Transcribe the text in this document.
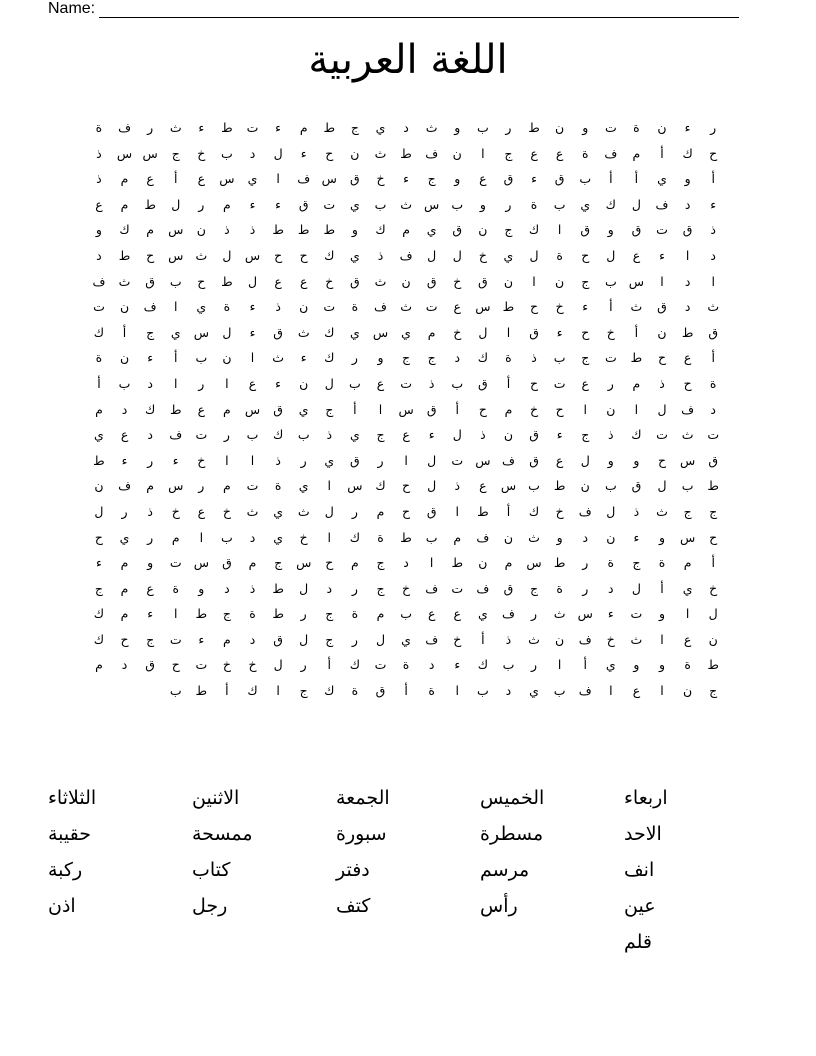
Name:
اللغة العربية
ر
ء
ن
ة
ت
و
ن
ط
ر
ب
و
ث
د
ي
ج
ط
م
ء
ت
ط
ء
ث
ر
ف
ة
ح
ك
أ
م
ف
ة
ع
ع
ج
ا
ن
ف
ط
ث
ن
ح
ء
ل
د
ب
خ
ج
س
س
ذ
أ
و
ي
أ
أ
ب
ق
ء
ق
ع
و
ج
ء
خ
ق
س
ف
ا
ي
س
ع
أ
ع
م
ذ
ء
د
ف
ل
ك
ي
ب
ة
ر
و
ب
س
ث
ب
ي
ت
ق
ء
ء
م
ر
ل
ط
م
ع
ذ
ق
ت
ق
و
ق
ا
ك
ج
ن
ق
ي
م
ك
و
ط
ط
ط
ذ
ذ
ن
س
م
ك
و
د
ا
ء
ع
ل
ح
ة
ل
ي
خ
ل
ل
ف
ذ
ي
ك
ح
ح
س
ل
ث
س
ح
ط
د
ا
د
ا
س
ب
ج
ن
ا
ن
ق
خ
ق
ن
ث
ق
خ
ع
ع
ل
ط
ح
ب
ق
ث
ف
ث
د
ق
ث
أ
ء
خ
ح
ط
س
ع
ت
ث
ف
ة
ت
ن
ذ
ء
ة
ي
ا
ف
ن
ت
ق
ط
ن
أ
خ
ح
ء
ق
ا
ل
خ
م
ي
س
ي
ك
ث
ق
ء
ل
س
ي
ج
أ
ك
أ
ع
ح
ط
ت
ج
ب
ذ
ة
ك
د
ج
ج
و
ر
ك
ء
ث
ا
ن
ب
أ
ء
ن
ة
ة
ح
ذ
م
ر
ع
ت
ح
أ
ق
ب
ذ
ت
ع
ب
ل
ن
ء
ع
ا
ر
ا
د
ب
أ
د
ف
ل
ا
ن
ا
ح
خ
م
ح
أ
ق
س
ا
أ
ج
ي
ق
س
م
ع
ط
ك
د
م
ت
ث
ت
ك
ذ
ج
ء
ق
ن
ذ
ل
ء
ع
ج
ي
ذ
ب
ك
ب
ر
ت
ف
د
ع
ي
ق
س
ح
و
و
ل
ع
ق
ف
س
ت
ل
ا
ر
ق
ي
ر
ذ
ا
ا
خ
ء
ر
ء
ط
ط
ب
ل
ق
ب
ن
ط
ب
س
ع
ذ
ل
ح
ك
س
ا
ي
ة
ت
م
ر
س
م
ف
ن
ج
ج
ث
ذ
ل
ف
خ
ك
أ
ط
ا
ق
ح
م
ر
ل
ث
ي
ث
خ
ع
خ
ذ
ر
ل
ح
س
و
ء
ن
د
و
ث
ن
ف
م
ب
ط
ة
ك
ا
خ
ي
د
ب
ا
م
ر
ي
ح
أ
م
ة
ج
ة
ر
ط
س
م
ن
ط
ا
د
ج
م
ح
س
ج
م
ق
س
ت
و
م
ء
خ
ي
أ
ل
د
ر
ة
ج
ق
ف
ت
ف
خ
ج
ر
د
ل
ط
ذ
د
و
ة
ع
م
ج
ل
ا
و
ت
ء
س
ث
ر
ف
ي
ع
ع
ب
م
ة
ج
ر
ط
ة
ج
ط
ا
ء
م
ك
ن
ع
ا
ث
خ
ف
ن
ث
ذ
أ
خ
ف
ي
ل
ر
ج
ل
ق
د
م
ء
ت
ج
ح
ك
ط
ة
و
و
ي
أ
ا
ر
ب
ك
ء
د
ة
ت
ك
أ
ر
ل
خ
خ
ت
ح
ق
د
م
ج
ن
ا
ع
ا
ف
ب
ي
د
ب
ا
ة
أ
ق
ة
ك
ج
ا
ك
أ
ط
ب
اربعاء
الخميس
الجمعة
الاثنين
الثلاثاء
الاحد
مسطرة
سبورة
ممسحة
حقيبة
انف
مرسم
دفتر
كتاب
ركبة
عين
رأس
كتف
رجل
اذن
قلم
